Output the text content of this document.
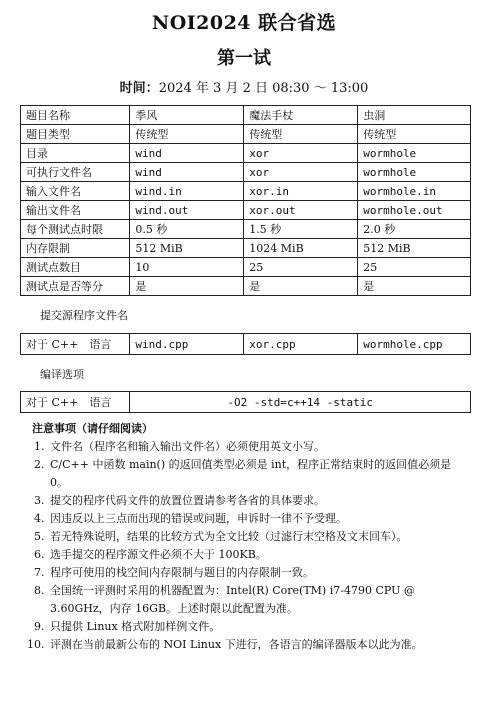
NOI2024 联合省选
第一试
时间：2024 年 3 月 2 日 08:30 ～ 13:00
题目名称	季风	魔法手杖	虫洞
题目类型	传统型	传统型	传统型
目录	wind	xor	wormhole
可执行文件名	wind	xor	wormhole
输入文件名	wind.in	xor.in	wormhole.in
输出文件名	wind.out	xor.out	wormhole.out
每个测试点时限	0.5 秒	1.5 秒	2.0 秒
内存限制	512 MiB	1024 MiB	512 MiB
测试点数目	10	25	25
测试点是否等分	是	是	是
提交源程序文件名
对于 C++　语言	wind.cpp	xor.cpp	wormhole.cpp
编译选项
对于 C++　语言	-O2 -std=c++14 -static
注意事项（请仔细阅读）
1. 文件名（程序名和输入输出文件名）必须使用英文小写。
2. C/C++ 中函数 main() 的返回值类型必须是 int，程序正常结束时的返回值必须是 0。
3. 提交的程序代码文件的放置位置请参考各省的具体要求。
4. 因违反以上三点而出现的错误或问题，申诉时一律不予受理。
5. 若无特殊说明，结果的比较方式为全文比较（过滤行末空格及文末回车）。
6. 选手提交的程序源文件必须不大于 100KB。
7. 程序可使用的栈空间内存限制与题目的内存限制一致。
8. 全国统一评测时采用的机器配置为：Intel(R) Core(TM) i7-4790 CPU @ 3.60GHz，内存 16GB。上述时限以此配置为准。
9. 只提供 Linux 格式附加样例文件。
10. 评测在当前最新公布的 NOI Linux 下进行，各语言的编译器版本以此为准。
